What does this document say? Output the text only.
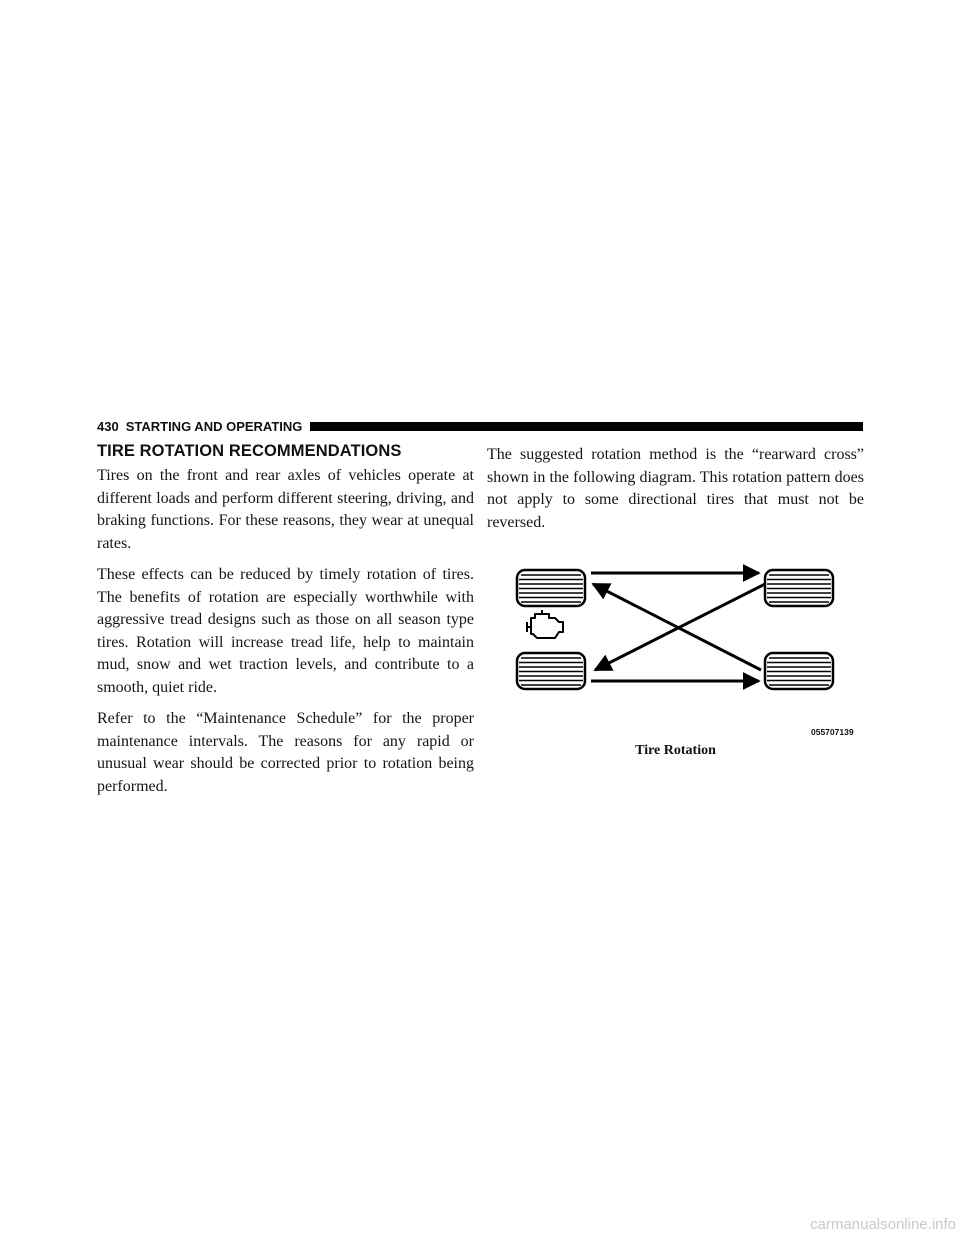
430 STARTING AND OPERATING
TIRE ROTATION RECOMMENDATIONS

Tires on the front and rear axles of vehicles operate at different loads and perform different steering, driving, and braking functions. For these reasons, they wear at unequal rates.

These effects can be reduced by timely rotation of tires. The benefits of rotation are especially worthwhile with aggressive tread designs such as those on all season type tires. Rotation will increase tread life, help to maintain mud, snow and wet traction levels, and contribute to a smooth, quiet ride.

Refer to the “Maintenance Schedule” for the proper maintenance intervals. The reasons for any rapid or unusual wear should be corrected prior to rotation being performed.

The suggested rotation method is the “rearward cross” shown in the following diagram. This rotation pattern does not apply to some directional tires that must not be reversed.

055707139
Tire Rotation
carmanualsonline.info
